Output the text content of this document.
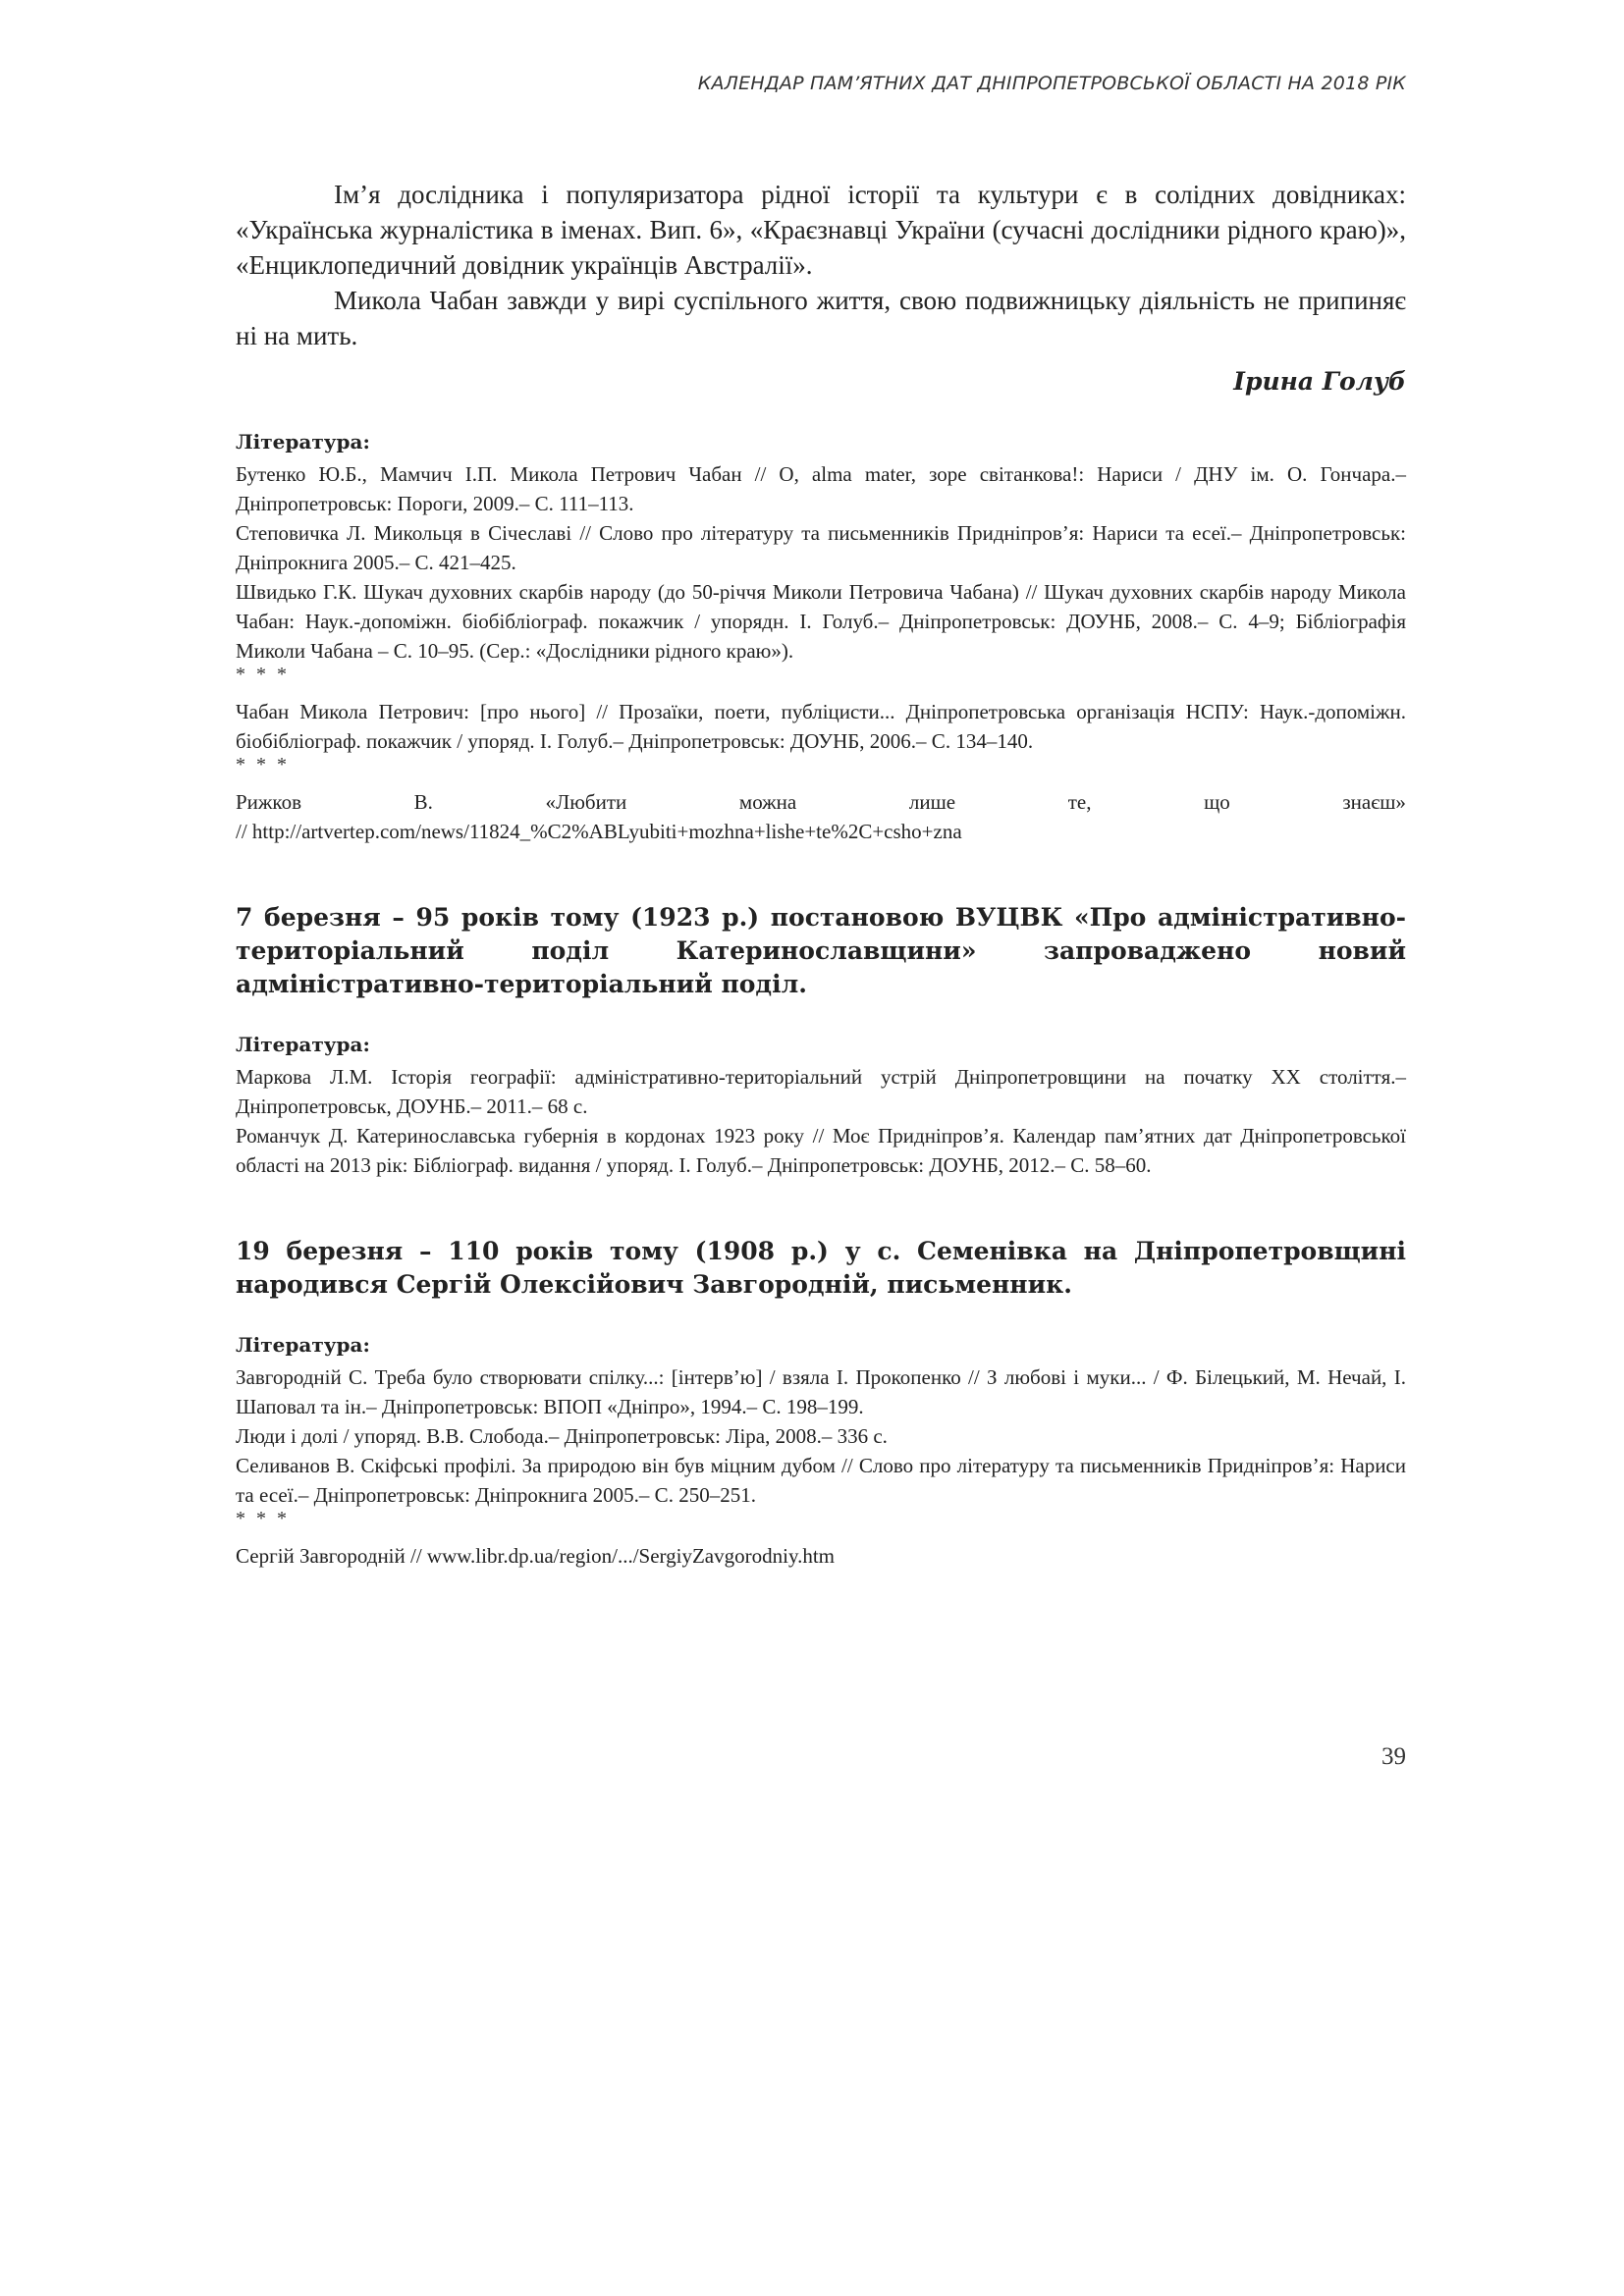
КАЛЕНДАР ПАМ’ЯТНИХ ДАТ ДНІПРОПЕТРОВСЬКОЇ ОБЛАСТІ НА 2018 РІК

Ім’я дослідника і популяризатора рідної історії та культури є в солідних довідниках: «Українська журналістика в іменах. Вип. 6», «Краєзнавці України (сучасні дослідники рідного краю)», «Енциклопедичний довідник українців Австралії».

Микола Чабан завжди у вирі суспільного життя, свою подвижницьку діяльність не припиняє ні на мить.

Ірина Голуб

Література:

Бутенко Ю.Б., Мамчич І.П. Микола Петрович Чабан // О, alma mater, зоре світанкова!: Нариси / ДНУ ім. О. Гончара.– Дніпропетровськ: Пороги, 2009.– С. 111–113.

Степовичка Л. Микольця в Січеславі // Слово про літературу та письменників Придніпров’я: Нариси та есеї.– Дніпропетровськ: Дніпрокнига 2005.– С. 421–425.

Швидько Г.К. Шукач духовних скарбів народу (до 50-річчя Миколи Петровича Чабана) // Шукач духовних скарбів народу Микола Чабан: Наук.-допоміжн. біобібліограф. покажчик / упорядн. І. Голуб.– Дніпропетровськ: ДОУНБ, 2008.– С. 4–9; Бібліографія Миколи Чабана – С. 10–95. (Сер.: «Дослідники рідного краю»).

* * *

Чабан Микола Петрович: [про нього] // Прозаїки, поети, публіцисти... Дніпропетровська організація НСПУ: Наук.-допоміжн. біобібліограф. покажчик / упоряд. І. Голуб.– Дніпропетровськ: ДОУНБ, 2006.– С. 134–140.

* * *

Рижков	В.	«Любити	можна	лише	те,	що	знаєш»

// http://artvertep.com/news/11824_%C2%ABLyubiti+mozhna+lishe+te%2C+csho+zna

7 березня – 95 років тому (1923 р.) постановою ВУЦВК «Про адміністративно-територіальний поділ Катеринославщини» запроваджено новий адміністративно-територіальний поділ.

Література:

Маркова Л.М. Історія географії: адміністративно-територіальний устрій Дніпропетровщини на початку ХХ століття.– Дніпропетровськ, ДОУНБ.– 2011.– 68 с.

Романчук Д. Катеринославська губернія в кордонах 1923 року // Моє Придніпров’я. Календар пам’ятних дат Дніпропетровської області на 2013 рік: Бібліограф. видання / упоряд. І. Голуб.– Дніпропетровськ: ДОУНБ, 2012.– С. 58–60.

19 березня – 110 років тому (1908 р.) у с. Семенівка на Дніпропетровщині народився Сергій Олексійович Завгородній, письменник.

Література:

Завгородній С. Треба було створювати спілку...: [інтерв’ю] / взяла І. Прокопенко // З любові і муки... / Ф. Білецький, М. Нечай, І. Шаповал та ін.– Дніпропетровськ: ВПОП «Дніпро», 1994.– С. 198–199.

Люди і долі / упоряд. В.В. Слобода.– Дніпропетровськ: Ліра, 2008.– 336 с.

Селиванов В. Скіфські профілі. За природою він був міцним дубом // Слово про літературу та письменників Придніпров’я: Нариси та есеї.– Дніпропетровськ: Дніпрокнига 2005.– С. 250–251.

* * *

Сергій Завгородній // www.libr.dp.ua/region/.../SergiyZavgorodniy.htm

39
